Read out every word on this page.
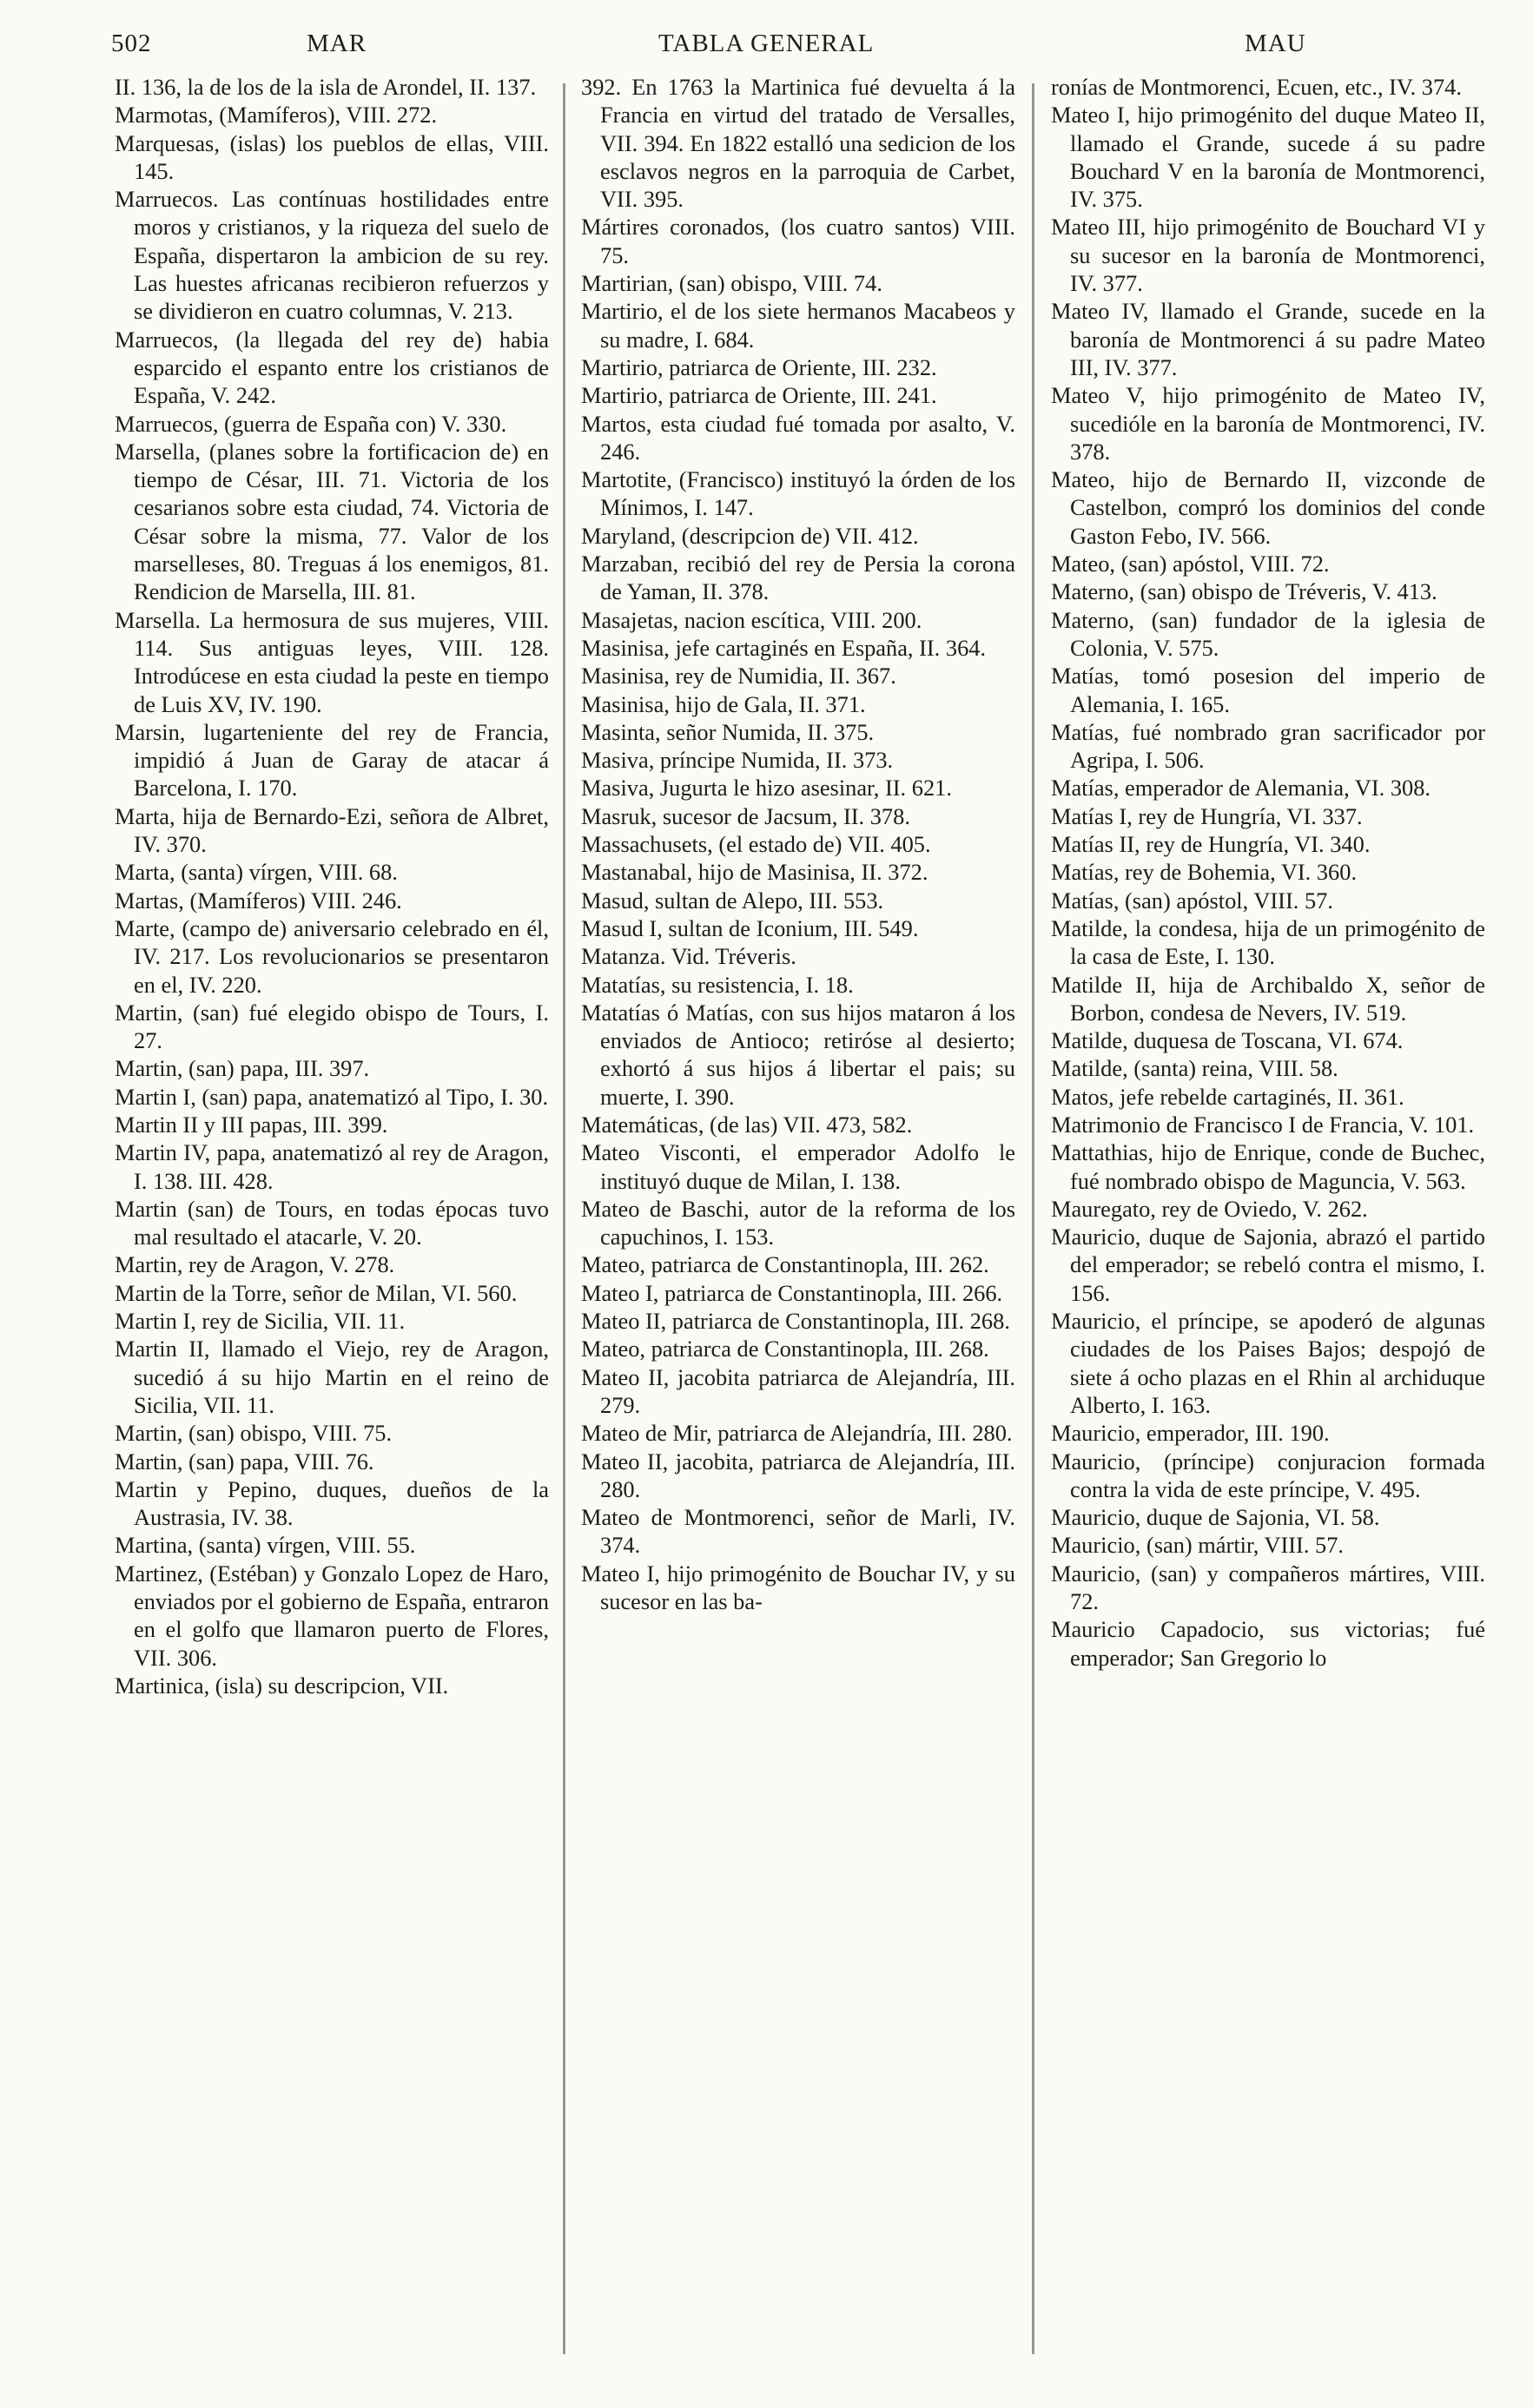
502	MAR	TABLA GENERAL	MAU

II. 136, la de los de la isla de Arondel, II. 137.

Marmotas, (Mamíferos), VIII. 272.

Marquesas, (islas) los pueblos de ellas, VIII. 145.

Marruecos. Las contínuas hostilidades entre moros y cristianos, y la riqueza del suelo de España, dispertaron la ambicion de su rey. Las huestes africanas recibieron refuerzos y se dividieron en cuatro columnas, V. 213.

Marruecos, (la llegada del rey de) habia esparcido el espanto entre los cristianos de España, V. 242.

Marruecos, (guerra de España con) V. 330.

Marsella, (planes sobre la fortificacion de) en tiempo de César, III. 71. Victoria de los cesarianos sobre esta ciudad, 74. Victoria de César sobre la misma, 77. Valor de los marselleses, 80. Treguas á los enemigos, 81. Rendicion de Marsella, III. 81.

Marsella. La hermosura de sus mujeres, VIII. 114. Sus antiguas leyes, VIII. 128. Introdúcese en esta ciudad la peste en tiempo de Luis XV, IV. 190.

Marsin, lugarteniente del rey de Francia, impidió á Juan de Garay de atacar á Barcelona, I. 170.

Marta, hija de Bernardo-Ezi, señora de Albret, IV. 370.

Marta, (santa) vírgen, VIII. 68.

Martas, (Mamíferos) VIII. 246.

Marte, (campo de) aniversario celebrado en él, IV. 217. Los revolucionarios se presentaron en el, IV. 220.

Martin, (san) fué elegido obispo de Tours, I. 27.

Martin, (san) papa, III. 397.

Martin I, (san) papa, anatematizó al Tipo, I. 30.

Martin II y III papas, III. 399.

Martin IV, papa, anatematizó al rey de Aragon, I. 138. III. 428.

Martin (san) de Tours, en todas épocas tuvo mal resultado el atacarle, V. 20.

Martin, rey de Aragon, V. 278.

Martin de la Torre, señor de Milan, VI. 560.

Martin I, rey de Sicilia, VII. 11.

Martin II, llamado el Viejo, rey de Aragon, sucedió á su hijo Martin en el reino de Sicilia, VII. 11.

Martin, (san) obispo, VIII. 75.

Martin, (san) papa, VIII. 76.

Martin y Pepino, duques, dueños de la Austrasia, IV. 38.

Martina, (santa) vírgen, VIII. 55.

Martinez, (Estéban) y Gonzalo Lopez de Haro, enviados por el gobierno de España, entraron en el golfo que llamaron puerto de Flores, VII. 306.

Martinica, (isla) su descripcion, VII.

392. En 1763 la Martinica fué devuelta á la Francia en virtud del tratado de Versalles, VII. 394. En 1822 estalló una sedicion de los esclavos negros en la parroquia de Carbet, VII. 395.

Mártires coronados, (los cuatro santos) VIII. 75.

Martirian, (san) obispo, VIII. 74.

Martirio, el de los siete hermanos Macabeos y su madre, I. 684.

Martirio, patriarca de Oriente, III. 232.

Martirio, patriarca de Oriente, III. 241.

Martos, esta ciudad fué tomada por asalto, V. 246.

Martotite, (Francisco) instituyó la órden de los Mínimos, I. 147.

Maryland, (descripcion de) VII. 412.

Marzaban, recibió del rey de Persia la corona de Yaman, II. 378.

Masajetas, nacion escítica, VIII. 200.

Masinisa, jefe cartaginés en España, II. 364.

Masinisa, rey de Numidia, II. 367.

Masinisa, hijo de Gala, II. 371.

Masinta, señor Numida, II. 375.

Masiva, príncipe Numida, II. 373.

Masiva, Jugurta le hizo asesinar, II. 621.

Masruk, sucesor de Jacsum, II. 378.

Massachusets, (el estado de) VII. 405.

Mastanabal, hijo de Masinisa, II. 372.

Masud, sultan de Alepo, III. 553.

Masud I, sultan de Iconium, III. 549.

Matanza. Vid. Tréveris.

Matatías, su resistencia, I. 18.

Matatías ó Matías, con sus hijos mataron á los enviados de Antioco; retiróse al desierto; exhortó á sus hijos á libertar el pais; su muerte, I. 390.

Matemáticas, (de las) VII. 473, 582.

Mateo Visconti, el emperador Adolfo le instituyó duque de Milan, I. 138.

Mateo de Baschi, autor de la reforma de los capuchinos, I. 153.

Mateo, patriarca de Constantinopla, III. 262.

Mateo I, patriarca de Constantinopla, III. 266.

Mateo II, patriarca de Constantinopla, III. 268.

Mateo, patriarca de Constantinopla, III. 268.

Mateo II, jacobita patriarca de Alejandría, III. 279.

Mateo de Mir, patriarca de Alejandría, III. 280.

Mateo II, jacobita, patriarca de Alejandría, III. 280.

Mateo de Montmorenci, señor de Marli, IV. 374.

Mateo I, hijo primogénito de Bouchar IV, y su sucesor en las ba-

ronías de Montmorenci, Ecuen, etc., IV. 374.

Mateo I, hijo primogénito del duque Mateo II, llamado el Grande, sucede á su padre Bouchard V en la baronía de Montmorenci, IV. 375.

Mateo III, hijo primogénito de Bouchard VI y su sucesor en la baronía de Montmorenci, IV. 377.

Mateo IV, llamado el Grande, sucede en la baronía de Montmorenci á su padre Mateo III, IV. 377.

Mateo V, hijo primogénito de Mateo IV, sucedióle en la baronía de Montmorenci, IV. 378.

Mateo, hijo de Bernardo II, vizconde de Castelbon, compró los dominios del conde Gaston Febo, IV. 566.

Mateo, (san) apóstol, VIII. 72.

Materno, (san) obispo de Tréveris, V. 413.

Materno, (san) fundador de la iglesia de Colonia, V. 575.

Matías, tomó posesion del imperio de Alemania, I. 165.

Matías, fué nombrado gran sacrificador por Agripa, I. 506.

Matías, emperador de Alemania, VI. 308.

Matías I, rey de Hungría, VI. 337.

Matías II, rey de Hungría, VI. 340.

Matías, rey de Bohemia, VI. 360.

Matías, (san) apóstol, VIII. 57.

Matilde, la condesa, hija de un primogénito de la casa de Este, I. 130.

Matilde II, hija de Archibaldo X, señor de Borbon, condesa de Nevers, IV. 519.

Matilde, duquesa de Toscana, VI. 674.

Matilde, (santa) reina, VIII. 58.

Matos, jefe rebelde cartaginés, II. 361.

Matrimonio de Francisco I de Francia, V. 101.

Mattathias, hijo de Enrique, conde de Buchec, fué nombrado obispo de Maguncia, V. 563.

Mauregato, rey de Oviedo, V. 262.

Mauricio, duque de Sajonia, abrazó el partido del emperador; se rebeló contra el mismo, I. 156.

Mauricio, el príncipe, se apoderó de algunas ciudades de los Paises Bajos; despojó de siete á ocho plazas en el Rhin al archiduque Alberto, I. 163.

Mauricio, emperador, III. 190.

Mauricio, (príncipe) conjuracion formada contra la vida de este príncipe, V. 495.

Mauricio, duque de Sajonia, VI. 58.

Mauricio, (san) mártir, VIII. 57.

Mauricio, (san) y compañeros mártires, VIII. 72.

Mauricio Capadocio, sus victorias; fué emperador; San Gregorio lo
